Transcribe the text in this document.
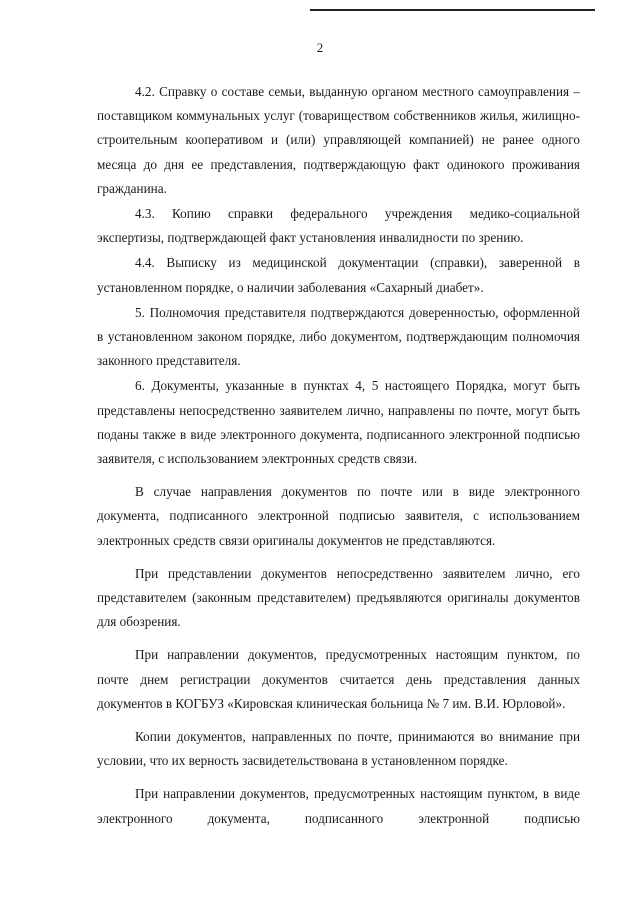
2

4.2. Справку о составе семьи, выданную органом местного самоуправления – поставщиком коммунальных услуг (товариществом собственников жилья, жилищно-строительным кооперативом и (или) управляющей компанией) не ранее одного месяца до дня ее представления, подтверждающую факт одинокого проживания гражданина.

4.3. Копию справки федерального учреждения медико-социальной экспертизы, подтверждающей факт установления инвалидности по зрению.

4.4. Выписку из медицинской документации (справки), заверенной в установленном порядке, о наличии заболевания «Сахарный диабет».

5. Полномочия представителя подтверждаются доверенностью, оформленной в установленном законом порядке, либо документом, подтверждающим полномочия законного представителя.

6. Документы, указанные в пунктах 4, 5 настоящего Порядка, могут быть представлены непосредственно заявителем лично, направлены по почте, могут быть поданы также в виде электронного документа, подписанного электронной подписью заявителя, с использованием электронных средств связи.

В случае направления документов по почте или в виде электронного документа, подписанного электронной подписью заявителя, с использованием электронных средств связи оригиналы документов не представляются.

При представлении документов непосредственно заявителем лично, его представителем (законным представителем) предъявляются оригиналы документов для обозрения.

При направлении документов, предусмотренных настоящим пунктом, по почте днем регистрации документов считается день представления данных документов в КОГБУЗ «Кировская клиническая больница № 7 им. В.И. Юрловой».

Копии документов, направленных по почте, принимаются во внимание при условии, что их верность засвидетельствована в установленном порядке.

При направлении документов, предусмотренных настоящим пунктом, в виде электронного документа, подписанного электронной подписью
